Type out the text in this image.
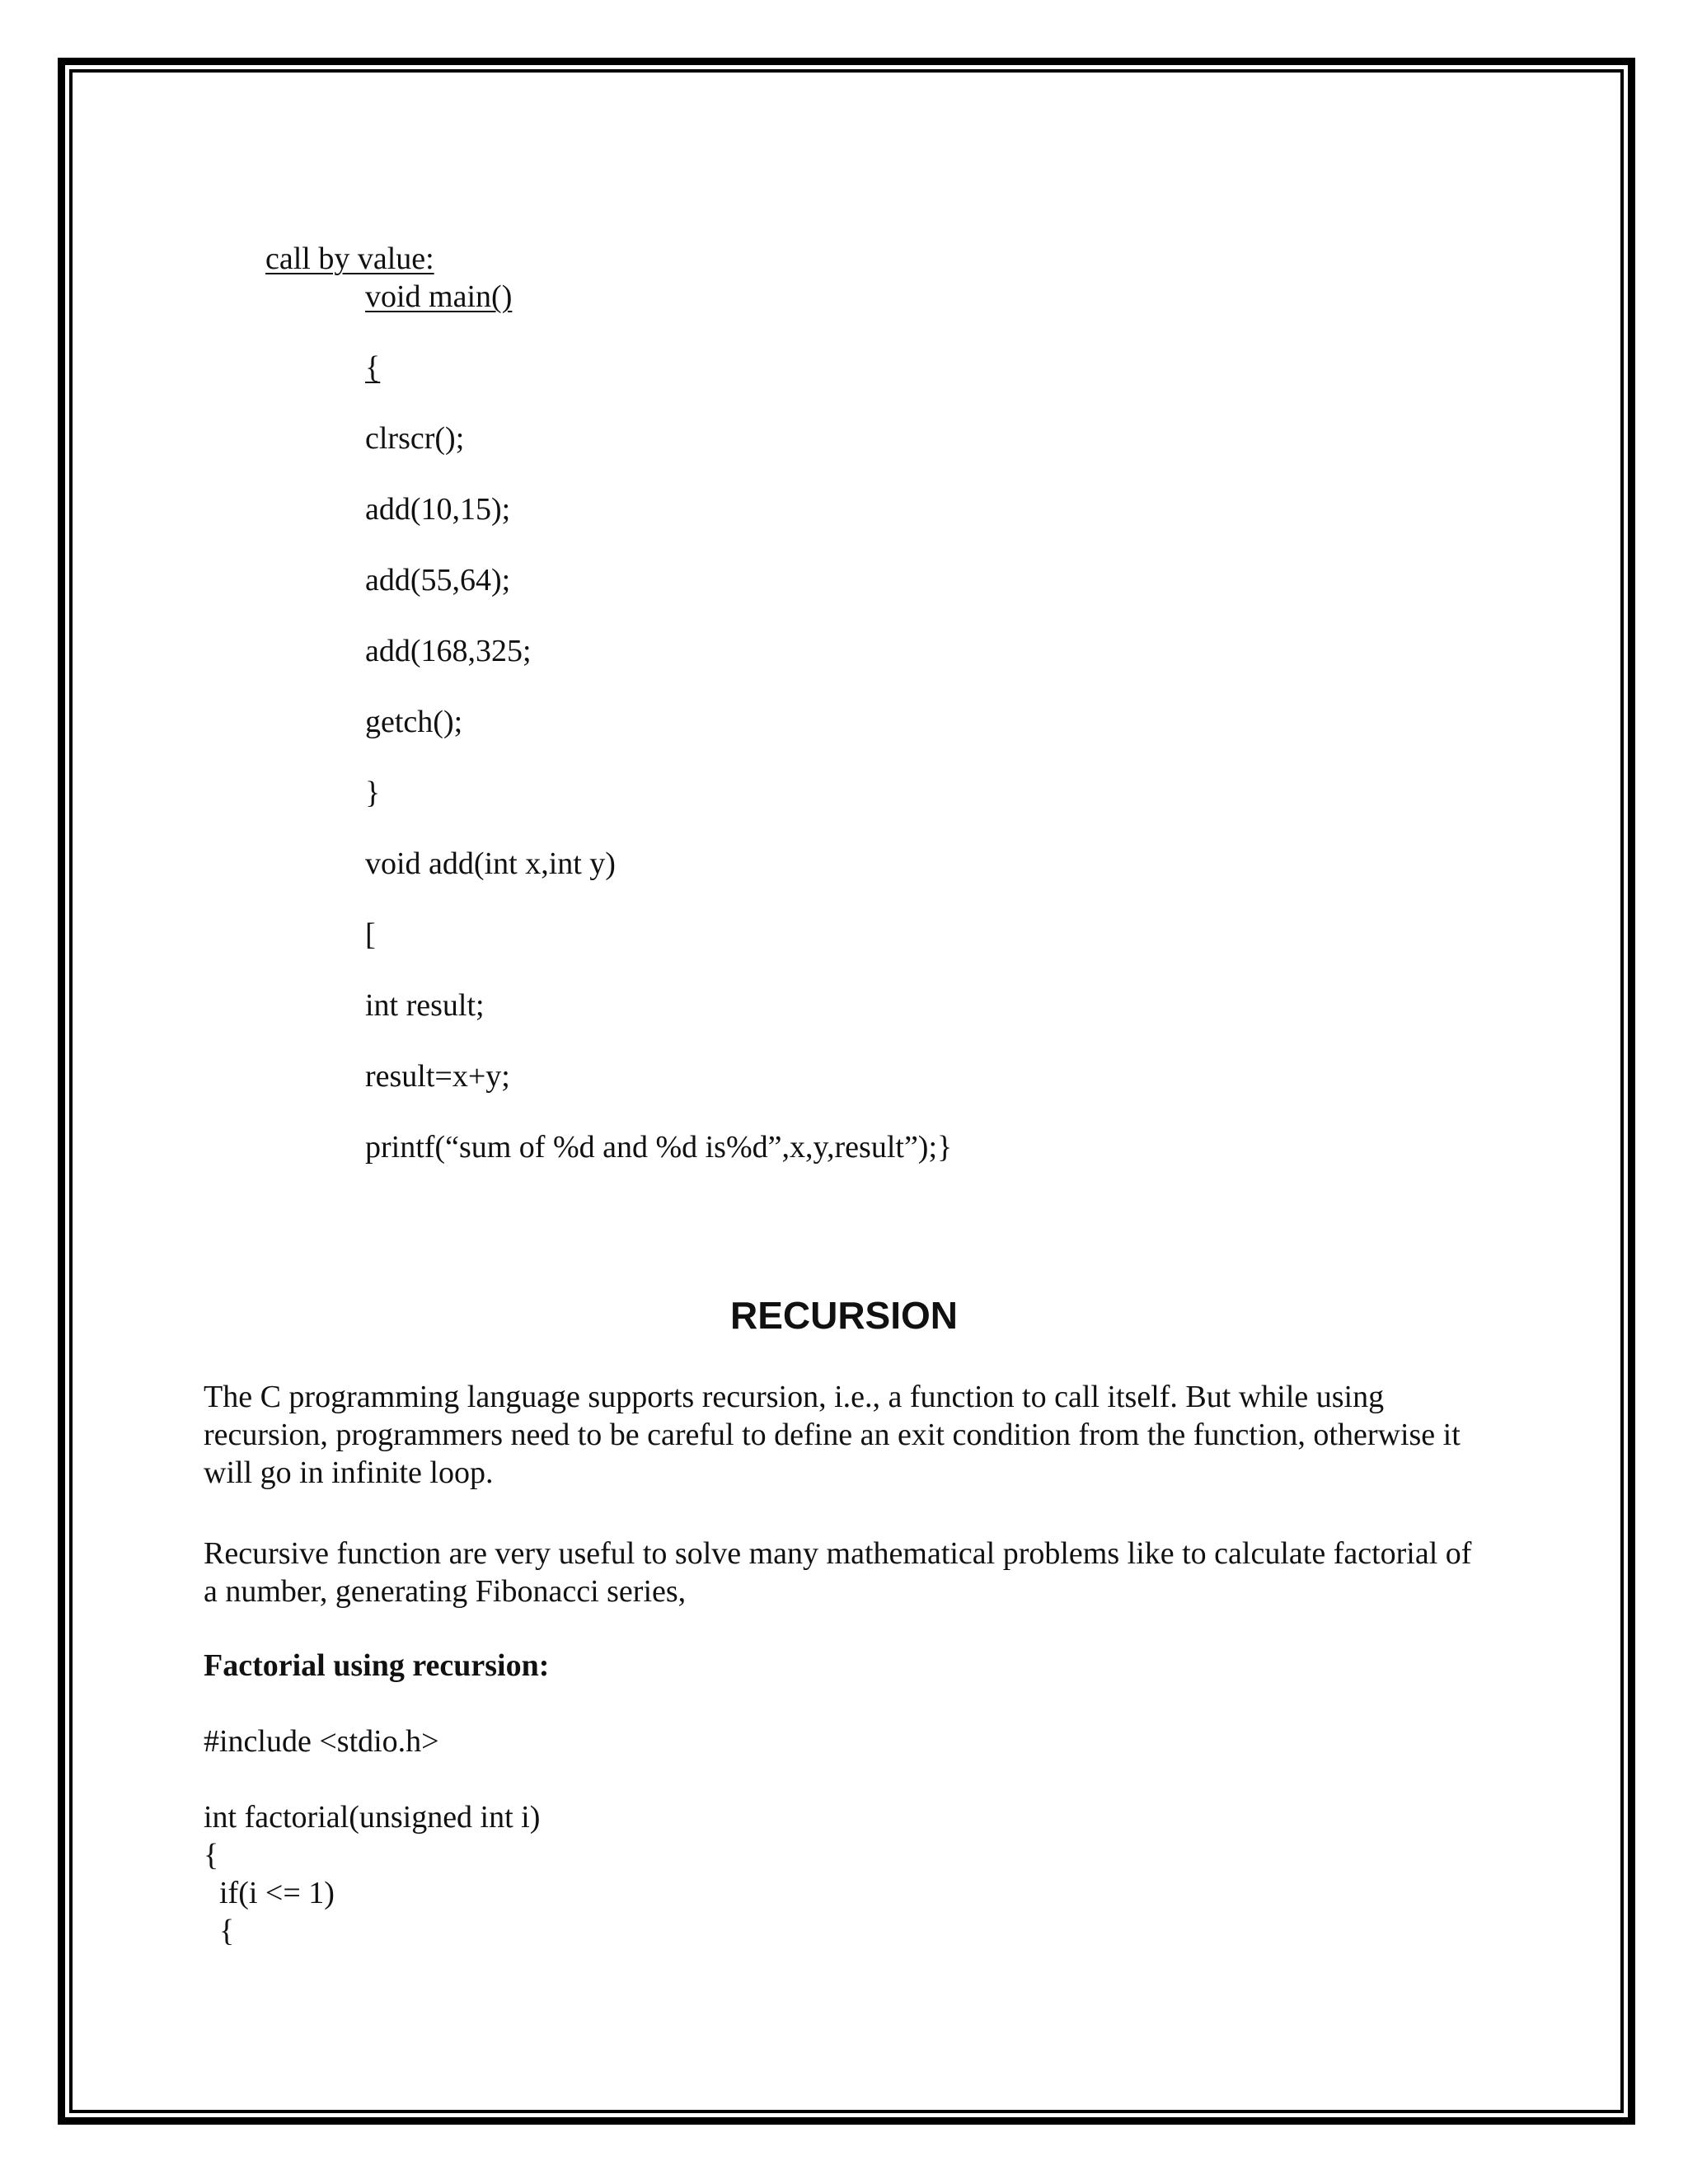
call by value:
void main()
{
clrscr();
add(10,15);
add(55,64);
add(168,325;
getch();
}
void add(int x,int y)
[
int result;
result=x+y;
printf(“sum of %d and %d is%d”,x,y,result”);}
RECURSION

The C programming language supports recursion, i.e., a function to call itself. But while using recursion, programmers need to be careful to define an exit condition from the function, otherwise it will go in infinite loop.

Recursive function are very useful to solve many mathematical problems like to calculate factorial of a number, generating Fibonacci series,

Factorial using recursion:
#include <stdio.h>
int factorial(unsigned int i)
{
if(i <= 1)
{
